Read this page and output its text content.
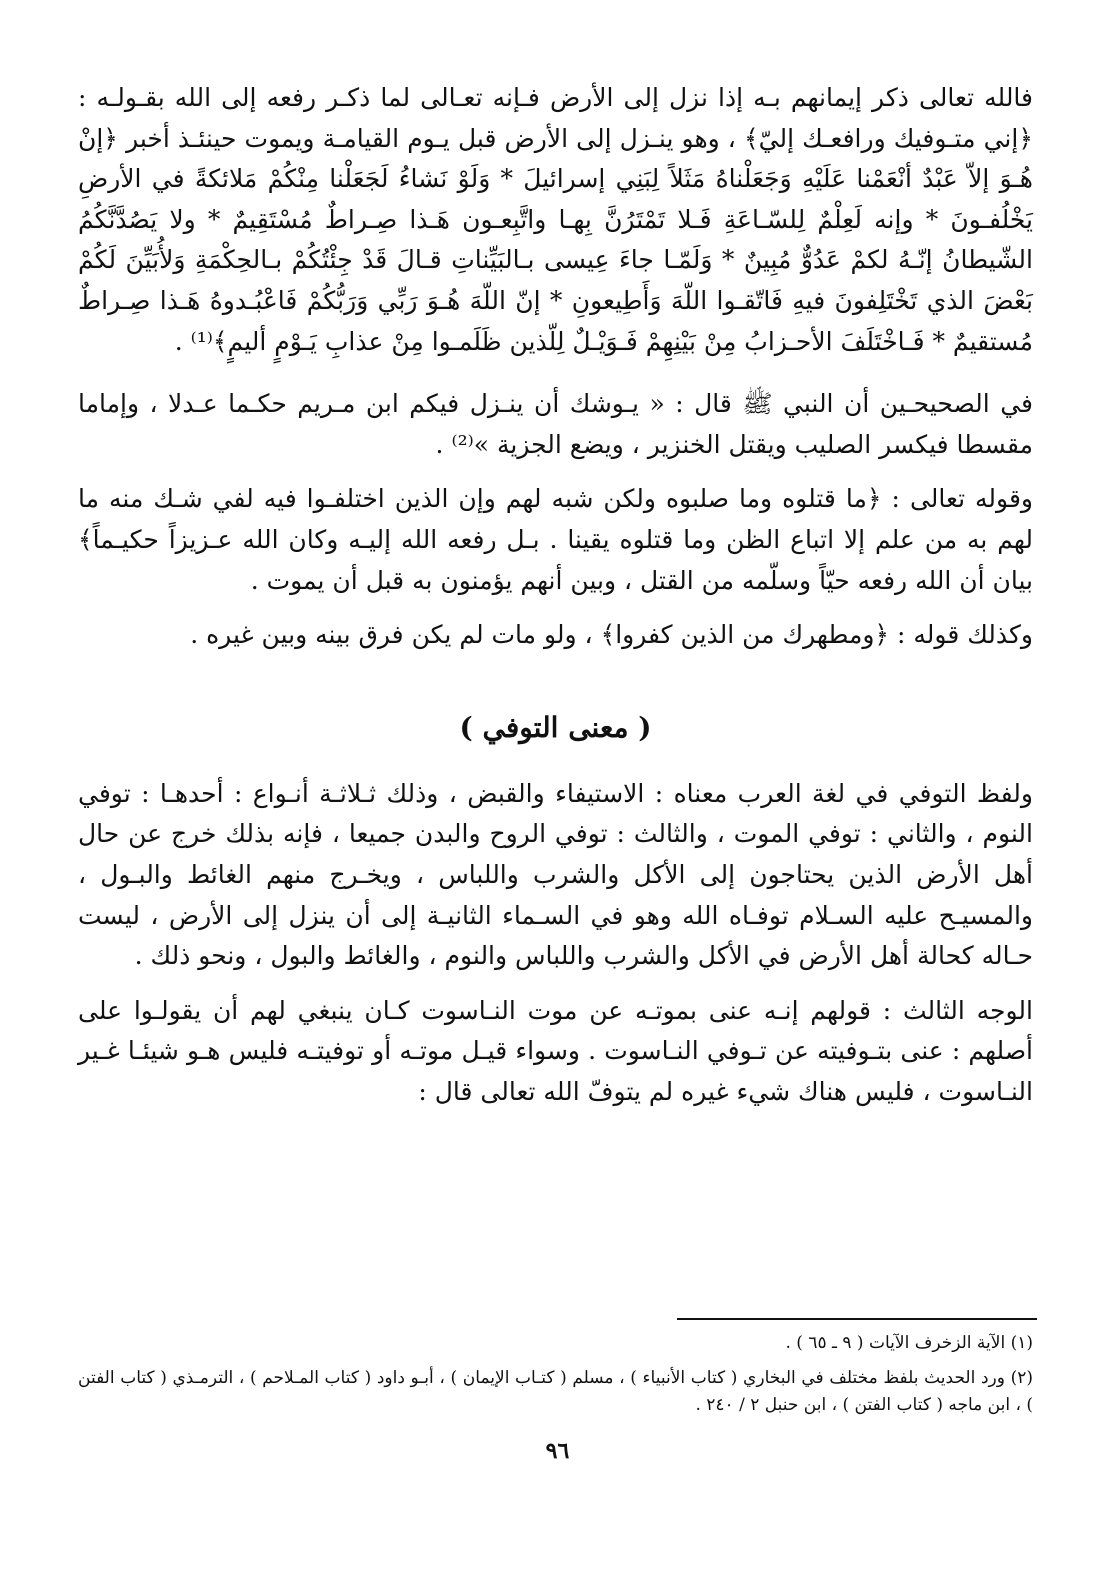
فالله تعالى ذكر إيمانهم بـه إذا نزل إلى الأرض فـإنه تعـالى لما ذكـر رفعه إلى الله بقـولـه : ﴿إني متـوفيك ورافعـك إليّ﴾ ، وهو ينـزل إلى الأرض قبل يـوم القيامـة ويموت حينئـذ أخبر ﴿إنْ هُـوَ إلاّ عَبْدٌ أنْعَمْنا عَلَيْهِ وَجَعَلْناهُ مَثَلاً لِبَنِي إسرائيلَ * وَلَوْ نَشاءُ لَجَعَلْنا مِنْكُمْ مَلائكةً في الأرضِ يَخْلُفـونَ * وإنه لَعِلْمٌ لِلسّـاعَةِ فَـلا تَمْتَرُنَّ بِهـا واتَّبِعـون هَـذا صِـراطٌ مُسْتَقِيمٌ * ولا يَصُدَّنَّكُمُ الشّيطانُ إنّـهُ لكمْ عَدُوٌّ مُبِينٌ * وَلَمّـا جاءَ عِيسى بـالبَيِّناتِ قـالَ قَدْ جِئْتُكُمْ بـالحِكْمَةِ وَلأُبَيِّنَ لَكُمْ بَعْضَ الذي تَخْتَلِفونَ فيهِ فَاتّقـوا اللّهَ وَأَطِيعونِ * إنّ اللّهَ هُـوَ رَبِّي وَرَبُّكُمْ فَاعْبُـدوهُ هَـذا صِـراطٌ مُستقيمٌ * فَـاخْتَلَفَ الأحـزابُ مِنْ بَيْنِهِمْ فَـوَيْـلٌ لِلّذين ظَلَمـوا مِنْ عذابِ يَـوْمٍ أليمٍ﴾⁽¹⁾ .

في الصحيحـين أن النبي ﷺ قال : « يـوشك أن ينـزل فيكم ابن مـريم حكـما عـدلا ، وإماما مقسطا فيكسر الصليب ويقتل الخنزير ، ويضع الجزية »⁽²⁾ .

وقوله تعالى : ﴿ما قتلوه وما صلبوه ولكن شبه لهم وإن الذين اختلفـوا فيه لفي شـك منه ما لهم به من علم إلا اتباع الظن وما قتلوه يقينا . بـل رفعه الله إليـه وكان الله عـزيزاً حكيـماً﴾ بيان أن الله رفعه حيّاً وسلّمه من القتل ، وبين أنهم يؤمنون به قبل أن يموت .

وكذلك قوله : ﴿ومطهرك من الذين كفروا﴾ ، ولو مات لم يكن فرق بينه وبين غيره .

( معنى التوفي )

ولفظ التوفي في لغة العرب معناه : الاستيفاء والقبض ، وذلك ثـلاثـة أنـواع : أحدهـا : توفي النوم ، والثاني : توفي الموت ، والثالث : توفي الروح والبدن جميعا ، فإنه بذلك خرج عن حال أهل الأرض الذين يحتاجون إلى الأكل والشرب واللباس ، ويخـرج منهم الغائط والبـول ، والمسيـح عليه السـلام توفـاه الله وهو في السـماء الثانيـة إلى أن ينزل إلى الأرض ، ليست حـاله كحالة أهل الأرض في الأكل والشرب واللباس والنوم ، والغائط والبول ، ونحو ذلك .

الوجه الثالث : قولهم إنـه عنى بموتـه عن موت النـاسوت كـان ينبغي لهم أن يقولـوا على أصلهم : عنى بتـوفيته عن تـوفي النـاسوت . وسواء قيـل موتـه أو توفيتـه فليس هـو شيئـا غـير النـاسوت ، فليس هناك شيء غيره لم يتوفّ الله تعالى قال :

(١) الآية الزخرف الآيات ( ٩ ـ ٦٥ ) .

(٢) ورد الحديث بلفظ مختلف في البخاري ( كتاب الأنبياء ) ، مسلم ( كتـاب الإيمان ) ، أبـو داود ( كتاب المـلاحم ) ، الترمـذي ( كتاب الفتن ) ، ابن ماجه ( كتاب الفتن ) ، ابن حنبل ٢ / ٢٤٠ .

٩٦
